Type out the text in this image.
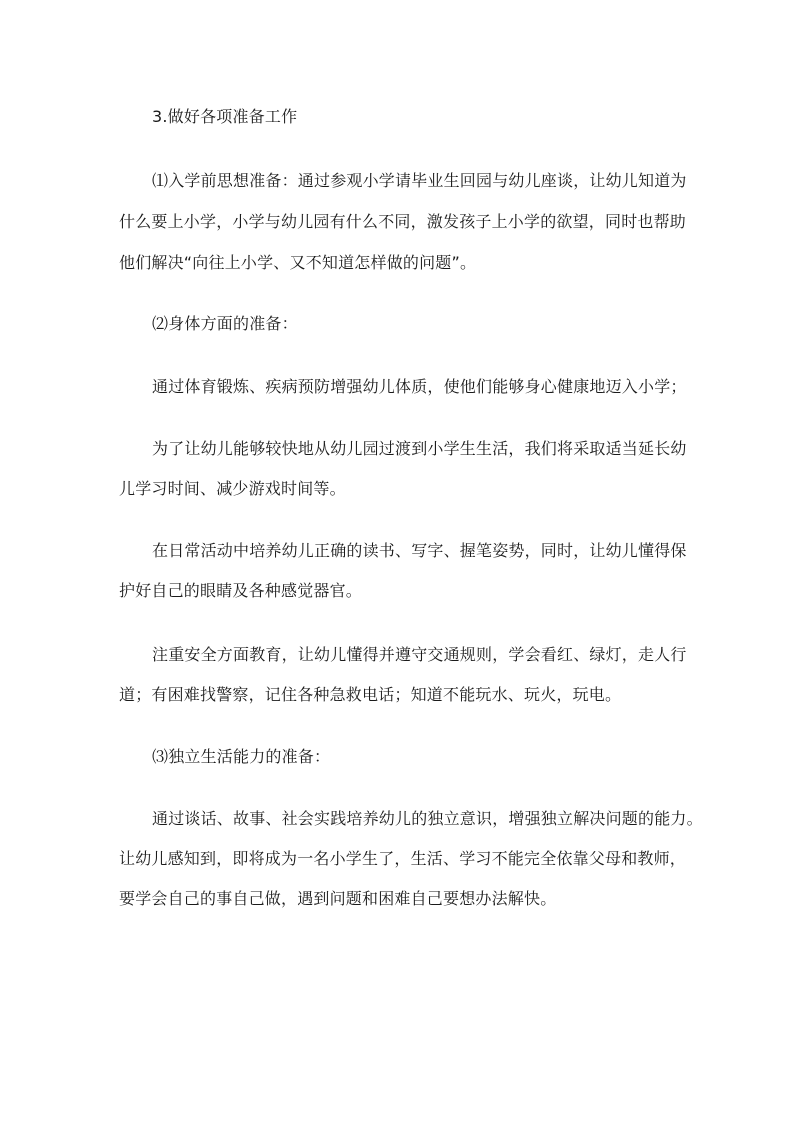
3.做好各项准备工作
⑴入学前思想准备：通过参观小学请毕业生回园与幼儿座谈，让幼儿知道为
什么要上小学，小学与幼儿园有什么不同，激发孩子上小学的欲望，同时也帮助
他们解决“向往上小学、又不知道怎样做的问题”。
⑵身体方面的准备：
通过体育锻炼、疾病预防增强幼儿体质，使他们能够身心健康地迈入小学；
为了让幼儿能够较快地从幼儿园过渡到小学生生活，我们将采取适当延长幼
儿学习时间、减少游戏时间等。
在日常活动中培养幼儿正确的读书、写字、握笔姿势，同时，让幼儿懂得保
护好自己的眼睛及各种感觉器官。
注重安全方面教育，让幼儿懂得并遵守交通规则，学会看红、绿灯，走人行
道；有困难找警察，记住各种急救电话；知道不能玩水、玩火，玩电。
⑶独立生活能力的准备：
通过谈话、故事、社会实践培养幼儿的独立意识，增强独立解决问题的能力。
让幼儿感知到，即将成为一名小学生了，生活、学习不能完全依靠父母和教师，
要学会自己的事自己做，遇到问题和困难自己要想办法解快。
